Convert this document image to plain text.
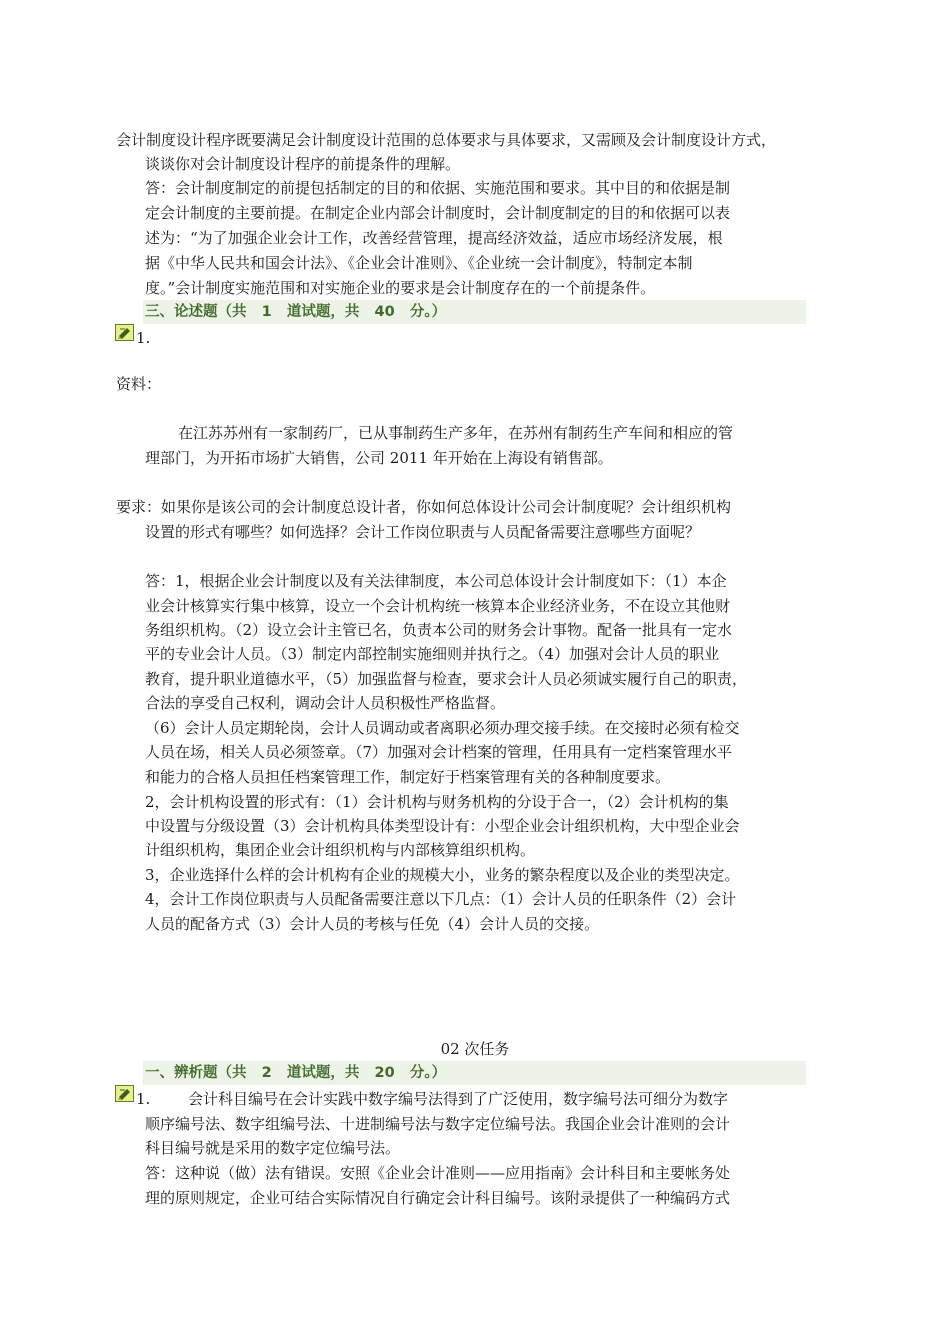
会计制度设计程序既要满足会计制度设计范围的总体要求与具体要求，又需顾及会计制度设计方式，
谈谈你对会计制度设计程序的前提条件的理解。
答：会计制度制定的前提包括制定的目的和依据、实施范围和要求。其中目的和依据是制
定会计制度的主要前提。在制定企业内部会计制度时，会计制度制定的目的和依据可以表
述为：“为了加强企业会计工作，改善经营管理，提高经济效益，适应市场经济发展，根
据《中华人民共和国会计法》、《企业会计准则》、《企业统一会计制度》，特制定本制
度。”会计制度实施范围和对实施企业的要求是会计制度存在的一个前提条件。
三、论述题（共   1   道试题，共   40   分。）
1.
资料：
在江苏苏州有一家制药厂，已从事制药生产多年，在苏州有制药生产车间和相应的管
理部门，为开拓市场扩大销售，公司 2011 年开始在上海设有销售部。
要求：如果你是该公司的会计制度总设计者，你如何总体设计公司会计制度呢？会计组织机构
设置的形式有哪些？如何选择？会计工作岗位职责与人员配备需要注意哪些方面呢？
答：1，根据企业会计制度以及有关法律制度，本公司总体设计会计制度如下：（1）本企
业会计核算实行集中核算，设立一个会计机构统一核算本企业经济业务，不在设立其他财
务组织机构。（2）设立会计主管已名，负责本公司的财务会计事物。配备一批具有一定水
平的专业会计人员。（3）制定内部控制实施细则并执行之。（4）加强对会计人员的职业
教育，提升职业道德水平，（5）加强监督与检查，要求会计人员必须诚实履行自己的职责，
合法的享受自己权利，调动会计人员积极性严格监督。
（6）会计人员定期轮岗，会计人员调动或者离职必须办理交接手续。在交接时必须有检交
人员在场，相关人员必须签章。（7）加强对会计档案的管理，任用具有一定档案管理水平
和能力的合格人员担任档案管理工作，制定好于档案管理有关的各种制度要求。
2，会计机构设置的形式有：（1）会计机构与财务机构的分设于合一，（2）会计机构的集
中设置与分级设置（3）会计机构具体类型设计有：小型企业会计组织机构，大中型企业会
计组织机构，集团企业会计组织机构与内部核算组织机构。
3，企业选择什么样的会计机构有企业的规模大小，业务的繁杂程度以及企业的类型决定。
4，会计工作岗位职责与人员配备需要注意以下几点：（1）会计人员的任职条件（2）会计
人员的配备方式（3）会计人员的考核与任免（4）会计人员的交接。
02 次任务
一、辨析题（共   2   道试题，共   20   分。）
1.	会计科目编号在会计实践中数字编号法得到了广泛使用，数字编号法可细分为数字
顺序编号法、数字组编号法、十进制编号法与数字定位编号法。我国企业会计准则的会计
科目编号就是采用的数字定位编号法。
答：这种说（做）法有错误。安照《企业会计准则——应用指南》会计科目和主要帐务处
理的原则规定，企业可结合实际情况自行确定会计科目编号。该附录提供了一种编码方式
